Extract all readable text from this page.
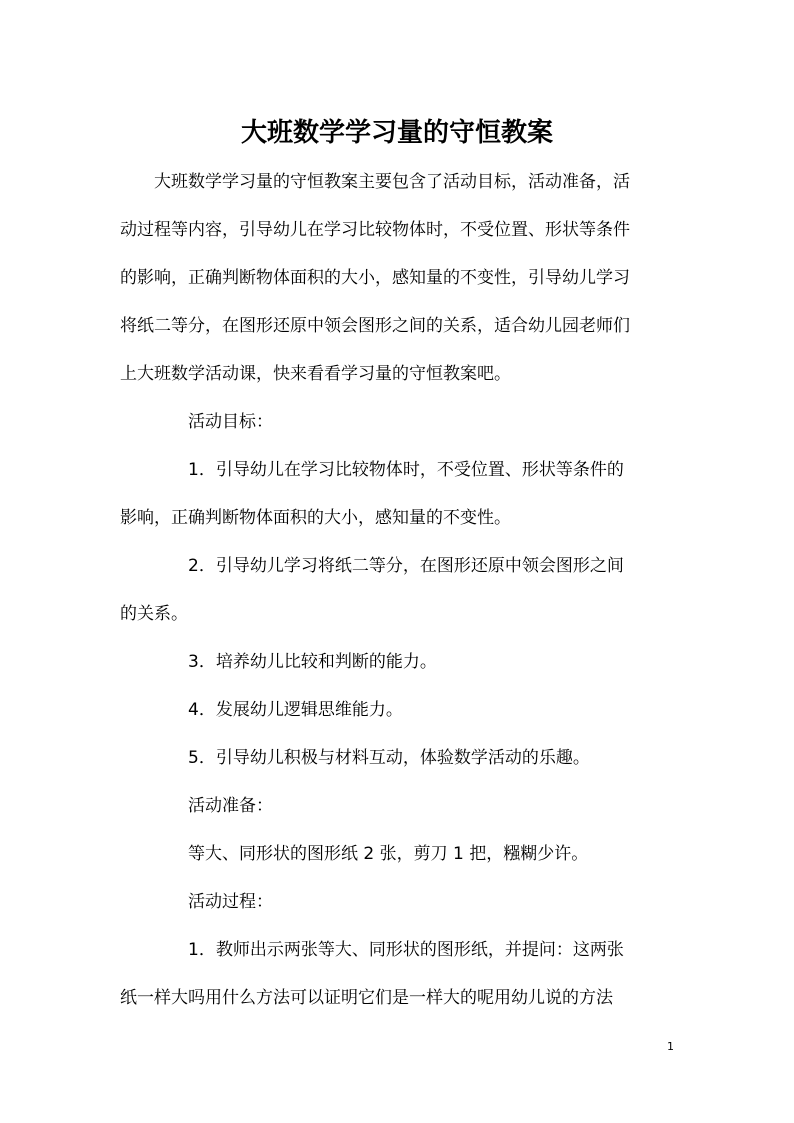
大班数学学习量的守恒教案

　　大班数学学习量的守恒教案主要包含了活动目标，活动准备，活

动过程等内容，引导幼儿在学习比较物体时，不受位置、形状等条件

的影响，正确判断物体面积的大小，感知量的不变性，引导幼儿学习

将纸二等分，在图形还原中领会图形之间的关系，适合幼儿园老师们

上大班数学活动课，快来看看学习量的守恒教案吧。

　　　　活动目标：

　　　　1．引导幼儿在学习比较物体时，不受位置、形状等条件的

影响，正确判断物体面积的大小，感知量的不变性。

　　　　2．引导幼儿学习将纸二等分，在图形还原中领会图形之间

的关系。

　　　　3．培养幼儿比较和判断的能力。

　　　　4．发展幼儿逻辑思维能力。

　　　　5．引导幼儿积极与材料互动，体验数学活动的乐趣。

　　　　活动准备：

　　　　等大、同形状的图形纸 2 张，剪刀 1 把，糨糊少许。

　　　　活动过程：

　　　　1．教师出示两张等大、同形状的图形纸，并提问：这两张

纸一样大吗用什么方法可以证明它们是一样大的呢用幼儿说的方法

1
